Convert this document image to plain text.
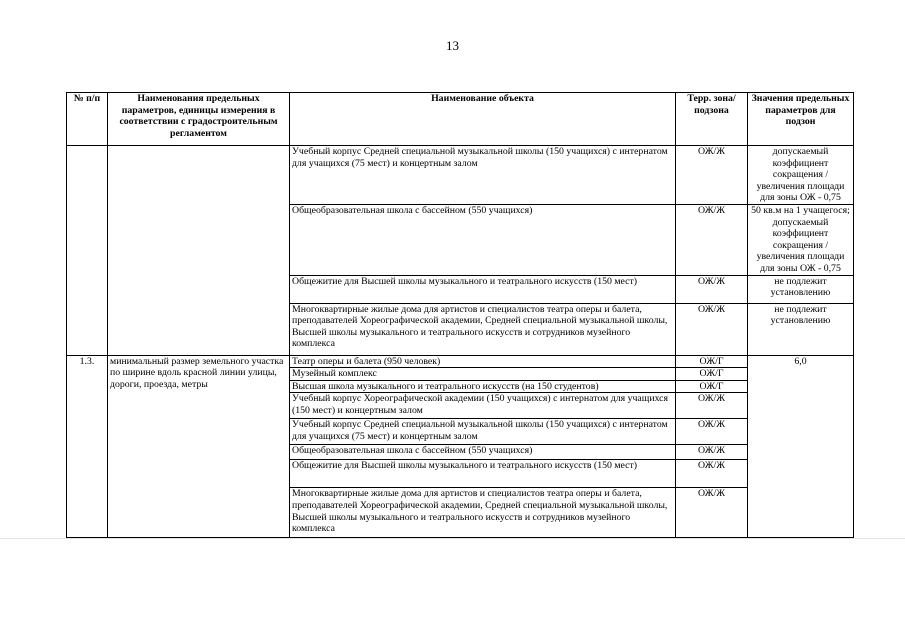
13
№ п/п	Наименования предельных параметров, единицы измерения в соответствии с градостроительным регламентом	Наименование объекта	Терр. зона/подзона	Значения предельных параметров для подзон
		Учебный корпус Средней специальной музыкальной школы (150 учащихся) с интернатом для учащихся (75 мест) и концертным залом	ОЖ/Ж	допускаемый коэффициент сокращения / увеличения площади для зоны ОЖ - 0,75
		Общеобразовательная школа с бассейном (550 учащихся)	ОЖ/Ж	50 кв.м на 1 учащегося; допускаемый коэффициент сокращения / увеличения площади для зоны ОЖ - 0,75
		Общежитие для Высшей школы музыкального и театрального искусств (150 мест)	ОЖ/Ж	не подлежит установлению
		Многоквартирные жилые дома для артистов и специалистов театра оперы и балета, преподавателей Хореографической академии, Средней специальной музыкальной школы, Высшей школы музыкального и театрального искусств и сотрудников музейного комплекса	ОЖ/Ж	не подлежит установлению
1.3.	минимальный размер земельного участка по ширине вдоль красной линии улицы, дороги, проезда, метры	Театр оперы и балета (950 человек)	ОЖ/Г	6,0
		Музейный комплекс	ОЖ/Г	
		Высшая школа музыкального и театрального искусств (на 150 студентов)	ОЖ/Г	
		Учебный корпус Хореографической академии (150 учащихся) с интернатом для учащихся (150 мест) и концертным залом	ОЖ/Ж	
		Учебный корпус Средней специальной музыкальной школы (150 учащихся) с интернатом для учащихся (75 мест) и концертным залом	ОЖ/Ж	
		Общеобразовательная школа с бассейном (550 учащихся)	ОЖ/Ж	
		Общежитие для Высшей школы музыкального и театрального искусств (150 мест)	ОЖ/Ж	
		Многоквартирные жилые дома для артистов и специалистов театра оперы и балета, преподавателей Хореографической академии, Средней специальной музыкальной школы, Высшей школы музыкального и театрального искусств и сотрудников музейного комплекса	ОЖ/Ж	
